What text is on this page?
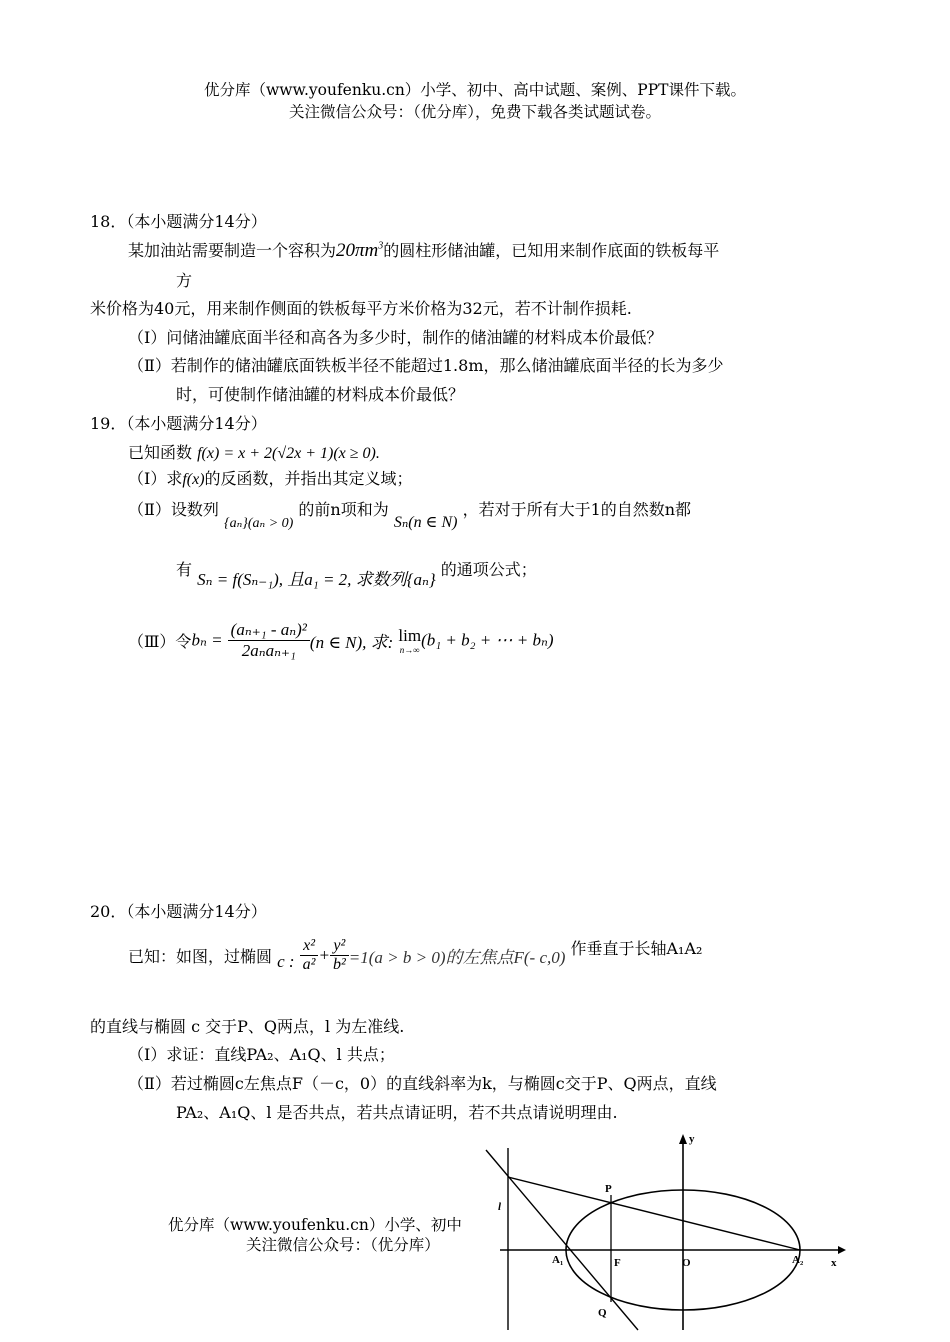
优分库（www.youfenku.cn）小学、初中、高中试题、案例、PPT课件下载。
关注微信公众号：（优分库），免费下载各类试题试卷。
18．（本小题满分14分）
某加油站需要制造一个容积为$20\pi m^3$的圆柱形储油罐，已知用来制作底面的铁板每平
方
米价格为40元，用来制作侧面的铁板每平方米价格为32元，若不计制作损耗.
（Ⅰ）问储油罐底面半径和高各为多少时，制作的储油罐的材料成本价最低？
（Ⅱ）若制作的储油罐底面铁板半径不能超过1.8m，那么储油罐底面半径的长为多少
时，可使制作储油罐的材料成本价最低？
19．（本小题满分14分）
已知函数 f(x) = x + 2(√2x + 1)(x ≥ 0).
（Ⅰ）求f(x)的反函数，并指出其定义域；
（Ⅱ）设数列 {aₙ}(aₙ > 0) 的前n项和为 Sₙ(n ∈ N) ，若对于所有大于1的自然数n都
有 Sₙ = f(Sₙ₋₁), 且a₁ = 2, 求数列{aₙ} 的通项公式；
（Ⅲ）令$b_n = \frac{\text{(aₙ₊₁ - aₙ)²}}{\text{2aₙaₙ₊₁}} (n$ ∈ N), 求: lim
n→∞ (b₁ + b₂ + ⋯ + bₙ)
20．（本小题满分14分）
已知：如图，过椭圆 c : $\frac{\text{x²}}{\text{a²}} + \frac{\text{y²}}{\text{b²}} =1(a > b > 0)$的左焦点F(- c,0) 作垂直于长轴A₁A₂
的直线与椭圆 c 交于P、Q两点，l 为左准线.
（Ⅰ）求证：直线PA₂、A₁Q、l 共点；
（Ⅱ）若过椭圆c左焦点F（－c，0）的直线斜率为k，与椭圆c交于P、Q两点，直线
PA₂、A₁Q、l 是否共点，若共点请证明，若不共点请说明理由.
优分库（www.youfenku.cn）小学、初中
关注微信公众号：（优分库）
y
x
l
P
Q
F	O
A₁	A₂
